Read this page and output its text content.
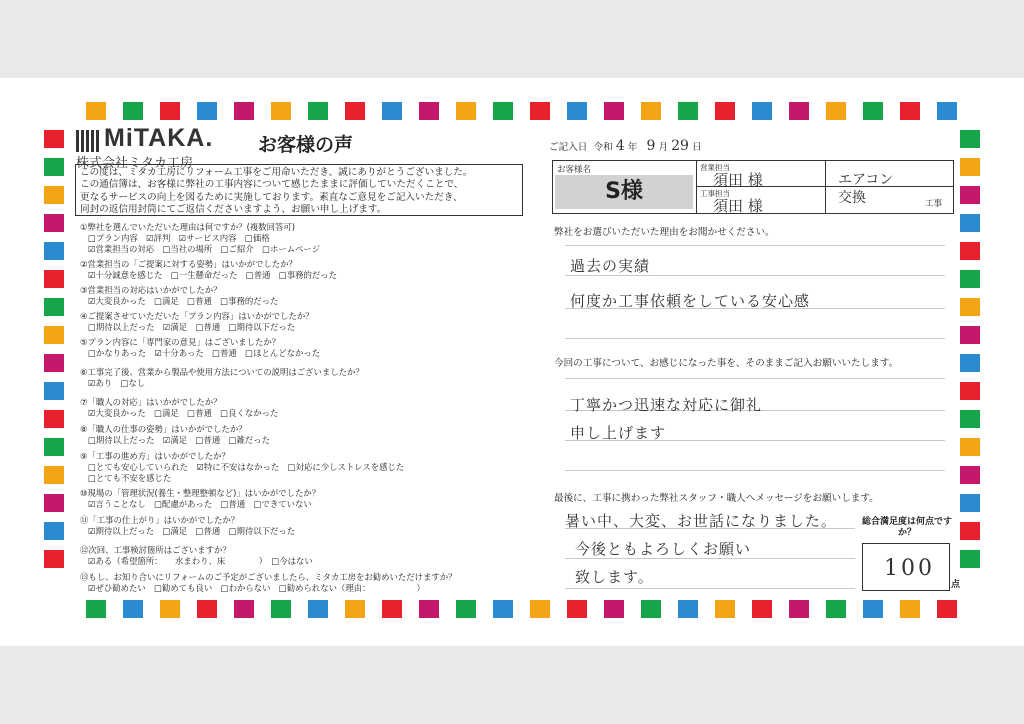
MiTAKA.
株式会社ミタカ工房
お客様の声
この度は、ミタカ工房にリフォーム工事をご用命いただき、誠にありがとうございました。
この通信簿は、お客様に弊社の工事内容について感じたままに評価していただくことで、
更なるサービスの向上を図るために実施しております。素直なご意見をご記入いただき、
同封の返信用封筒にてご返信くださいますよう、お願い申し上げます。
①弊社を選んでいただいた理由は何ですか？(複数回答可)
□プラン内容　☑評判　☑サービス内容　□価格
☑営業担当の対応　□当社の場所　□ご紹介　□ホームページ
②営業担当の「ご提案に対する姿勢」はいかがでしたか？
☑十分誠意を感じた　□一生懸命だった　□普通　□事務的だった
③営業担当の対応はいかがでしたか？
☑大変良かった　□満足　□普通　□事務的だった
④ご提案させていただいた「プラン内容」はいかがでしたか？
□期待以上だった　☑満足　□普通　□期待以下だった
⑤プラン内容に「専門家の意見」はございましたか？
□かなりあった　☑十分あった　□普通　□ほとんどなかった
⑥工事完了後、営業から製品や使用方法についての説明はございましたか？
☑あり　□なし
⑦「職人の対応」はいかがでしたか？
☑大変良かった　□満足　□普通　□良くなかった
⑧「職人の仕事の姿勢」はいかがでしたか？
□期待以上だった　☑満足　□普通　□雑だった
⑨「工事の進め方」はいかがでしたか？
□とても安心していられた　☑特に不安はなかった　□対応に少しストレスを感じた
□とても不安を感じた
⑩現場の「管理状況(養生・整理整頓など)」はいかがでしたか？
☑言うことなし　□配慮があった　□普通　□できていない
⑪「工事の仕上がり」はいかがでしたか？
☑期待以上だった　□満足　□普通　□期待以下だった
⑫次回、工事検討箇所はございますか？
☑ある（希望箇所：　　水まわり、床　　　　）　□今はない
⑬もし、お知り合いにリフォームのご予定がございましたら、ミタカ工房をお勧めいただけますか？
☑ぜひ勧めたい　□勧めても良い　□わからない　□勧められない（理由：　　　　　　）
ご記入日 令和 4 年 9 月 29 日
お客様名
S様
営業担当
須田 様
工事担当
須田 様
エアコン 交換	工事
弊社をお選びいただいた理由をお聞かせください。
過去の実績
何度か工事依頼をしている安心感
今回の工事について、お感じになった事を、そのままご記入お願いいたします。
丁寧かつ迅速な対応に御礼
申し上げます
最後に、工事に携わった弊社スタッフ・職人へメッセージをお願いします。
暑い中、大変、お世話になりました。
今後ともよろしくお願い
致します。
総合満足度は何点ですか？
100
点
